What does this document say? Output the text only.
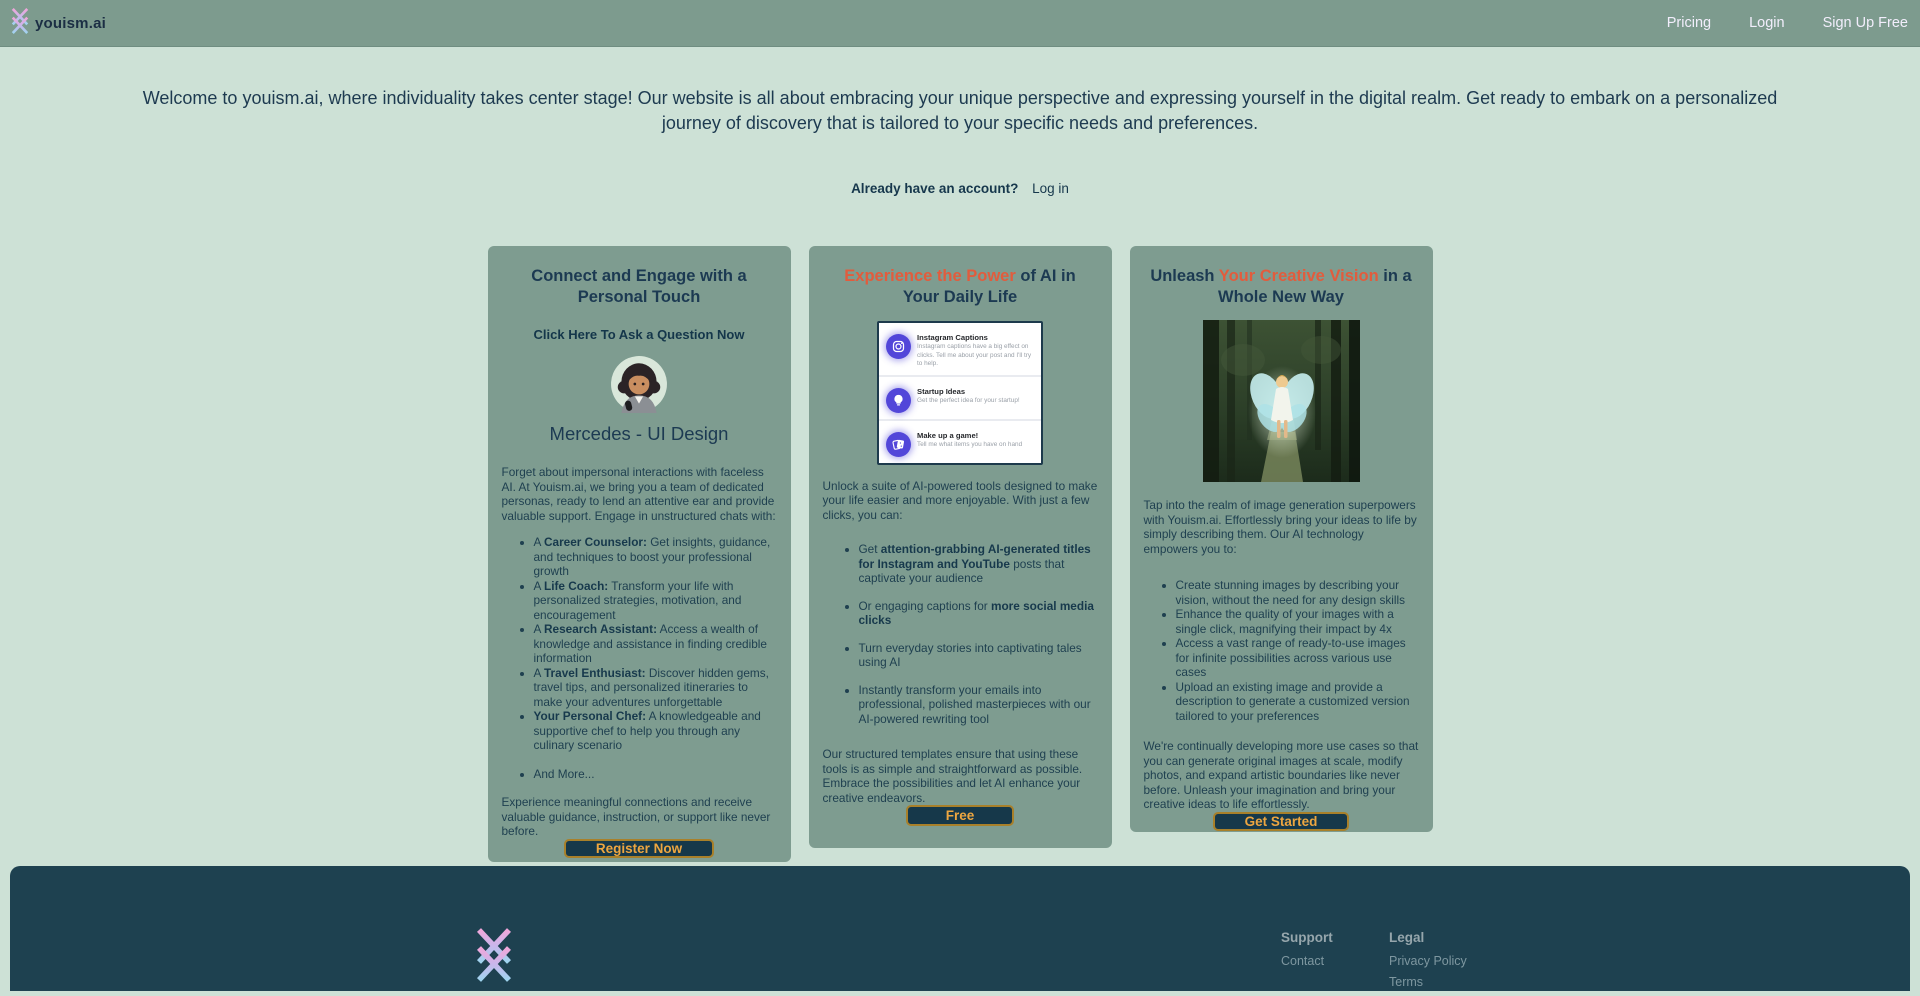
youism.ai	Pricing	Login	Sign Up Free

Welcome to youism.ai, where individuality takes center stage! Our website is all about embracing your unique perspective and expressing yourself in the digital realm. Get ready to embark on a personalized journey of discovery that is tailored to your specific needs and preferences.

Already have an account? Log in
Connect and Engage with a Personal Touch
Click Here To Ask a Question Now
Mercedes - UI Design

Forget about impersonal interactions with faceless AI. At Youism.ai, we bring you a team of dedicated personas, ready to lend an attentive ear and provide valuable support. Engage in unstructured chats with:

• A Career Counselor: Get insights, guidance, and techniques to boost your professional growth
• A Life Coach: Transform your life with personalized strategies, motivation, and encouragement
• A Research Assistant: Access a wealth of knowledge and assistance in finding credible information
• A Travel Enthusiast: Discover hidden gems, travel tips, and personalized itineraries to make your adventures unforgettable
• Your Personal Chef: A knowledgeable and supportive chef to help you through any culinary scenario
• And More...

Experience meaningful connections and receive valuable guidance, instruction, or support like never before.

Register Now
Experience the Power of AI in Your Daily Life
Instagram Captions
Instagram captions have a big effect on clicks. Tell me about your post and I'll try to help.
Startup Ideas
Get the perfect idea for your startup!
Make up a game!
Tell me what items you have on hand

Unlock a suite of AI-powered tools designed to make your life easier and more enjoyable. With just a few clicks, you can:

• Get attention-grabbing AI-generated titles for Instagram and YouTube posts that captivate your audience
• Or engaging captions for more social media clicks
• Turn everyday stories into captivating tales using AI
• Instantly transform your emails into professional, polished masterpieces with our AI-powered rewriting tool

Our structured templates ensure that using these tools is as simple and straightforward as possible. Embrace the possibilities and let AI enhance your creative endeavors.

Free
Unleash Your Creative Vision in a Whole New Way

Tap into the realm of image generation superpowers with Youism.ai. Effortlessly bring your ideas to life by simply describing them. Our AI technology empowers you to:

• Create stunning images by describing your vision, without the need for any design skills
• Enhance the quality of your images with a single click, magnifying their impact by 4x
• Access a vast range of ready-to-use images for infinite possibilities across various use cases
• Upload an existing image and provide a description to generate a customized version tailored to your preferences

We're continually developing more use cases so that you can generate original images at scale, modify photos, and expand artistic boundaries like never before. Unleash your imagination and bring your creative ideas to life effortlessly.

Get Started

Support

Contact

Legal

Privacy Policy
Terms
